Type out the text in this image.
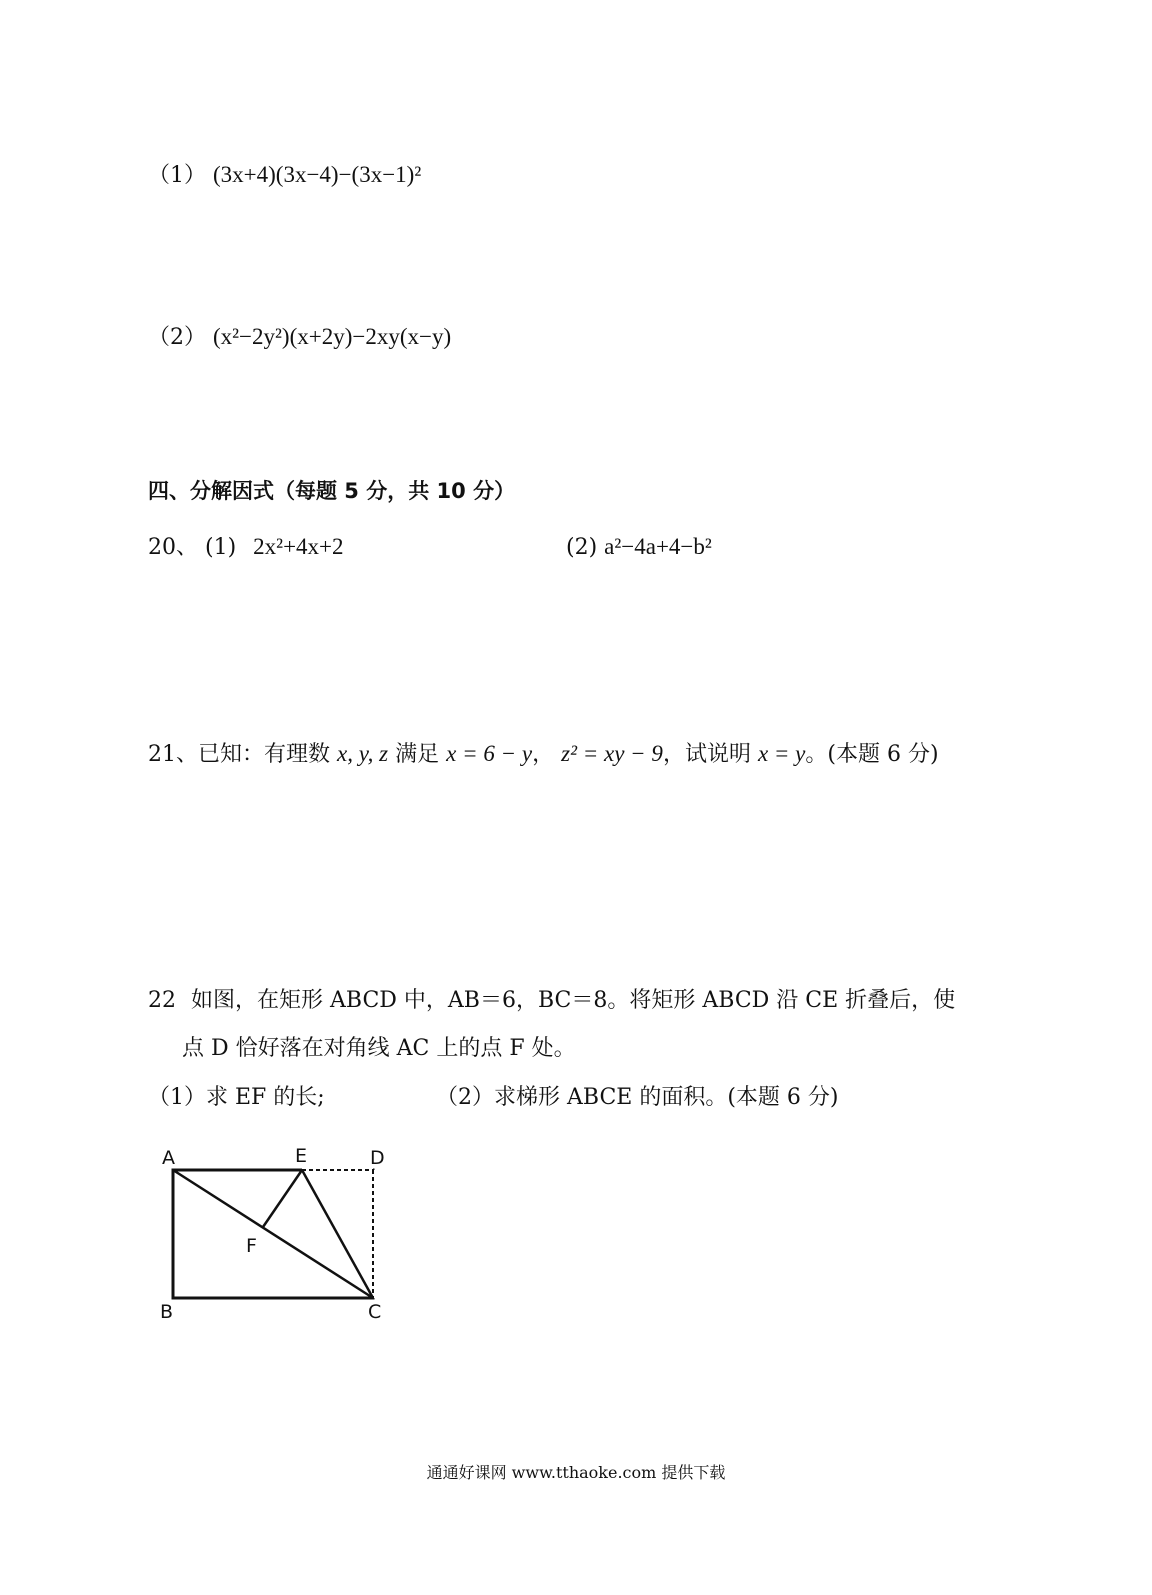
（1） (3x+4)(3x−4)−(3x−1)²
（2） (x²−2y²)(x+2y)−2xy(x−y)
四、分解因式（每题 5 分，共 10 分）
20、 (1) 2x²+4x+2	(2) a²−4a+4−b²
21、已知：有理数 x, y, z 满足 x = 6 − y， z² = xy − 9，试说明 x = y。(本题 6 分)
22 如图，在矩形 ABCD 中，AB＝6，BC＝8。将矩形 ABCD 沿 CE 折叠后，使
点 D 恰好落在对角线 AC 上的点 F 处。
（1）求 EF 的长;	（2）求梯形 ABCE 的面积。(本题 6 分)
A	E	D
F
B	C
通通好课网 www.tthaoke.com 提供下载
